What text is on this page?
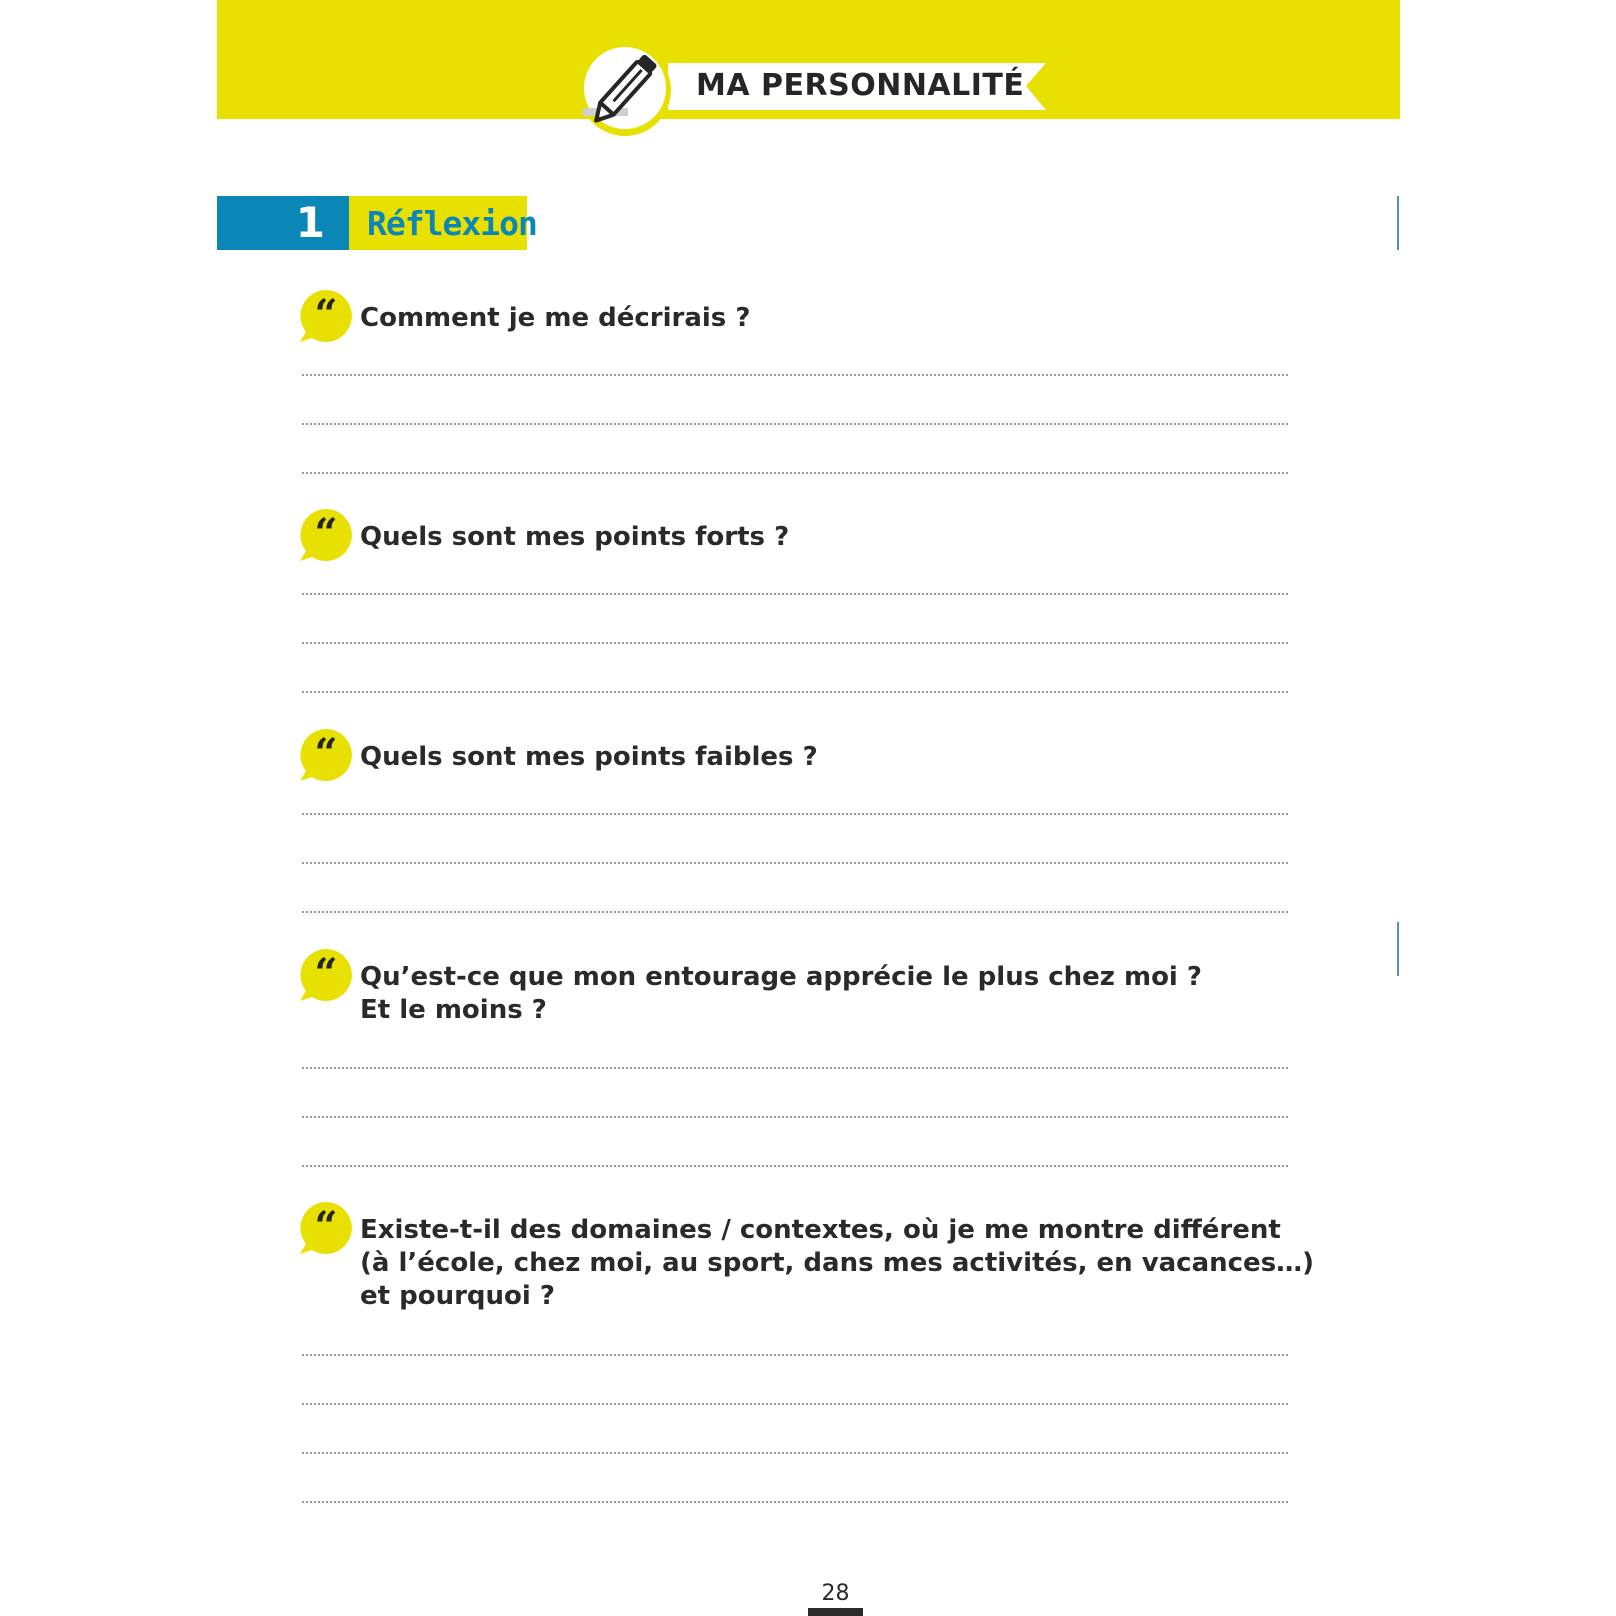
MA PERSONNALITÉ
1 Réflexion
“ Comment je me décrirais ?
“ Quels sont mes points forts ?
“ Quels sont mes points faibles ?
“ Qu’est-ce que mon entourage apprécie le plus chez moi ?
Et le moins ?
“ Existe-t-il des domaines / contextes, où je me montre différent
(à l’école, chez moi, au sport, dans mes activités, en vacances…)
et pourquoi ?
28
